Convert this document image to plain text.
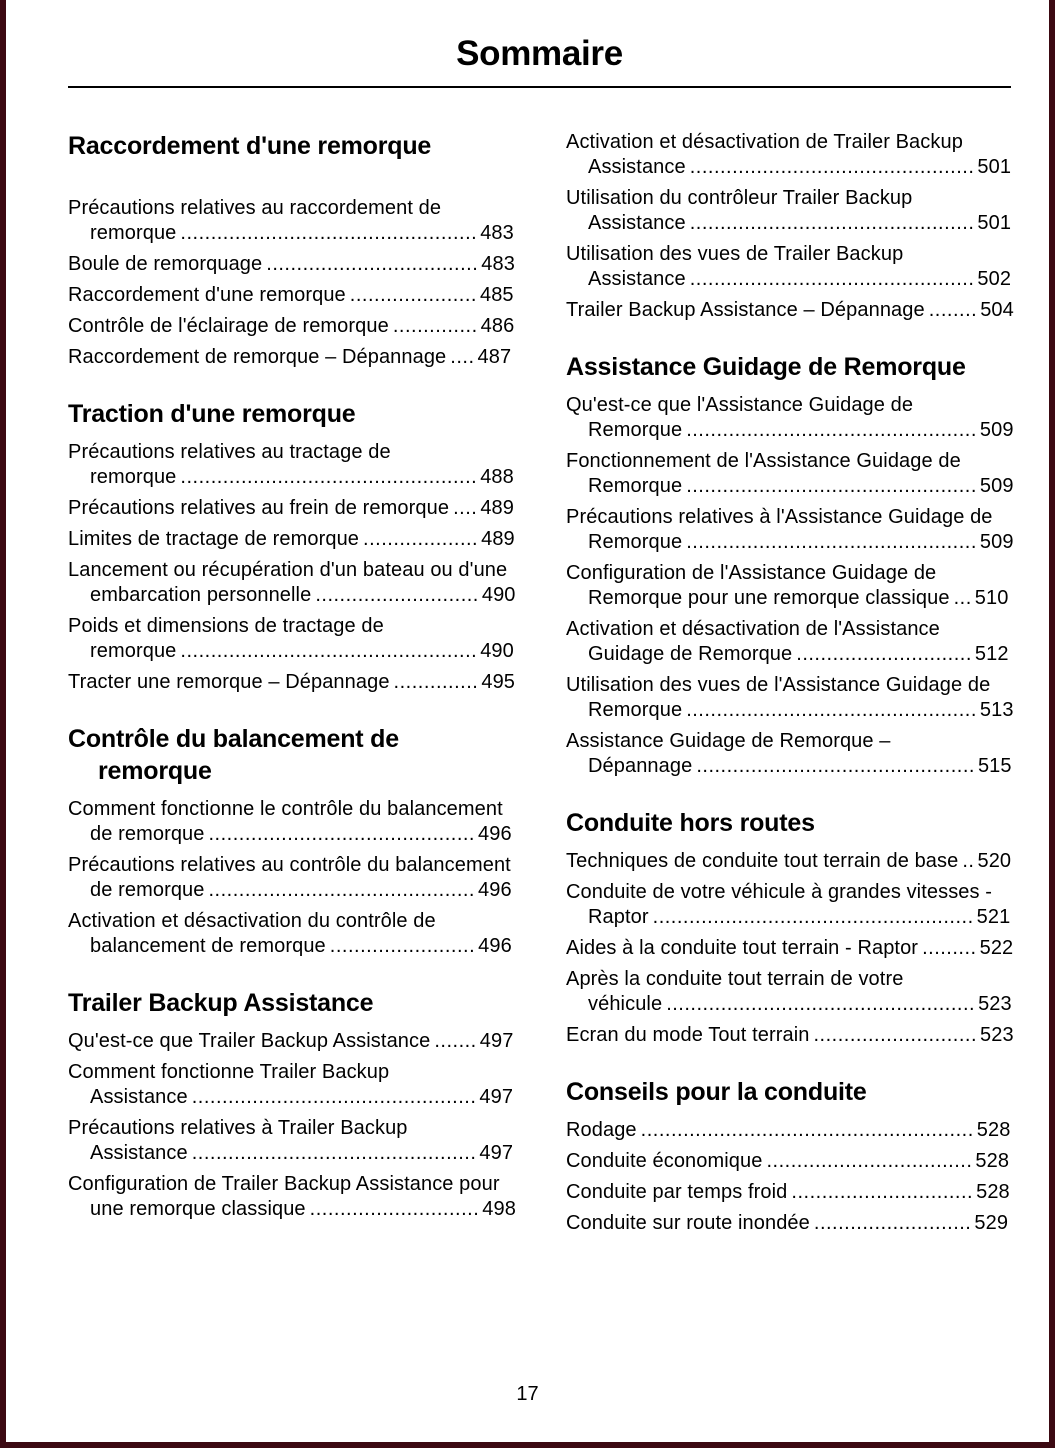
Sommaire
Raccordement d'une remorque

Précautions relatives au raccordement de remorque ................................................. 483

Boule de remorquage ................................... 483

Raccordement d'une remorque ..................... 485

Contrôle de l'éclairage de remorque .............. 486

Raccordement de remorque – Dépannage .... 487

Traction d'une remorque

Précautions relatives au tractage de remorque ................................................. 488

Précautions relatives au frein de remorque .... 489

Limites de tractage de remorque ................... 489

Lancement ou récupération d'un bateau ou d'une embarcation personnelle ........................... 490

Poids et dimensions de tractage de remorque ................................................. 490

Tracter une remorque – Dépannage .............. 495

Contrôle du balancement de remorque

Comment fonctionne le contrôle du balancement de remorque ............................................ 496

Précautions relatives au contrôle du balancement de remorque ............................................ 496

Activation et désactivation du contrôle de balancement de remorque ........................ 496

Trailer Backup Assistance

Qu'est-ce que Trailer Backup Assistance ....... 497

Comment fonctionne Trailer Backup Assistance ............................................... 497

Précautions relatives à Trailer Backup Assistance ............................................... 497

Configuration de Trailer Backup Assistance pour une remorque classique ............................ 498

Activation et désactivation de Trailer Backup Assistance ............................................... 501

Utilisation du contrôleur Trailer Backup Assistance ............................................... 501

Utilisation des vues de Trailer Backup Assistance ............................................... 502

Trailer Backup Assistance – Dépannage ........ 504

Assistance Guidage de Remorque

Qu'est-ce que l'Assistance Guidage de Remorque ................................................ 509

Fonctionnement de l'Assistance Guidage de Remorque ................................................ 509

Précautions relatives à l'Assistance Guidage de Remorque ................................................ 509

Configuration de l'Assistance Guidage de Remorque pour une remorque classique ... 510

Activation et désactivation de l'Assistance Guidage de Remorque ............................. 512

Utilisation des vues de l'Assistance Guidage de Remorque ................................................ 513

Assistance Guidage de Remorque – Dépannage .............................................. 515

Conduite hors routes

Techniques de conduite tout terrain de base .. 520

Conduite de votre véhicule à grandes vitesses - Raptor ..................................................... 521

Aides à la conduite tout terrain - Raptor ......... 522

Après la conduite tout terrain de votre véhicule ................................................... 523

Ecran du mode Tout terrain ........................... 523

Conseils pour la conduite

Rodage ....................................................... 528

Conduite économique .................................. 528

Conduite par temps froid .............................. 528

Conduite sur route inondée .......................... 529

17
